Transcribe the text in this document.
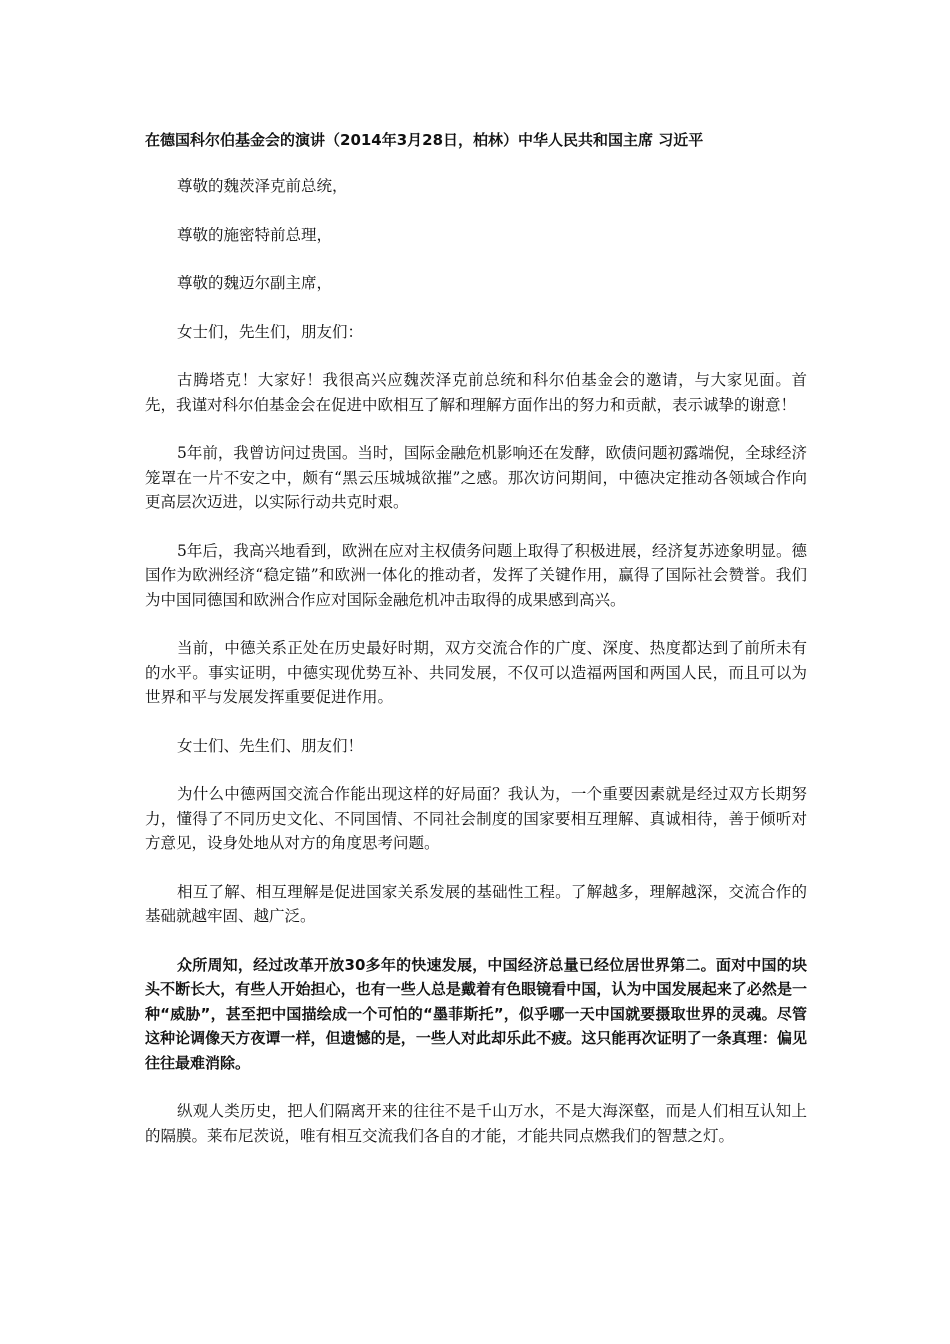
在德国科尔伯基金会的演讲（2014年3月28日，柏林）中华人民共和国主席 习近平

尊敬的魏茨泽克前总统，

尊敬的施密特前总理，

尊敬的魏迈尔副主席，

女士们，先生们，朋友们：

古腾塔克！大家好！我很高兴应魏茨泽克前总统和科尔伯基金会的邀请，与大家见面。首先，我谨对科尔伯基金会在促进中欧相互了解和理解方面作出的努力和贡献，表示诚挚的谢意！

5年前，我曾访问过贵国。当时，国际金融危机影响还在发酵，欧债问题初露端倪，全球经济笼罩在一片不安之中，颇有“黑云压城城欲摧”之感。那次访问期间，中德决定推动各领域合作向更高层次迈进，以实际行动共克时艰。

5年后，我高兴地看到，欧洲在应对主权债务问题上取得了积极进展，经济复苏迹象明显。德国作为欧洲经济“稳定锚”和欧洲一体化的推动者，发挥了关键作用，赢得了国际社会赞誉。我们为中国同德国和欧洲合作应对国际金融危机冲击取得的成果感到高兴。

当前，中德关系正处在历史最好时期，双方交流合作的广度、深度、热度都达到了前所未有的水平。事实证明，中德实现优势互补、共同发展，不仅可以造福两国和两国人民，而且可以为世界和平与发展发挥重要促进作用。

女士们、先生们、朋友们！

为什么中德两国交流合作能出现这样的好局面？我认为，一个重要因素就是经过双方长期努力，懂得了不同历史文化、不同国情、不同社会制度的国家要相互理解、真诚相待，善于倾听对方意见，设身处地从对方的角度思考问题。

相互了解、相互理解是促进国家关系发展的基础性工程。了解越多，理解越深，交流合作的基础就越牢固、越广泛。

众所周知，经过改革开放30多年的快速发展，中国经济总量已经位居世界第二。面对中国的块头不断长大，有些人开始担心，也有一些人总是戴着有色眼镜看中国，认为中国发展起来了必然是一种“威胁”，甚至把中国描绘成一个可怕的“墨菲斯托”，似乎哪一天中国就要摄取世界的灵魂。尽管这种论调像天方夜谭一样，但遗憾的是，一些人对此却乐此不疲。这只能再次证明了一条真理：偏见往往最难消除。

纵观人类历史，把人们隔离开来的往往不是千山万水，不是大海深壑，而是人们相互认知上的隔膜。莱布尼茨说，唯有相互交流我们各自的才能，才能共同点燃我们的智慧之灯。
